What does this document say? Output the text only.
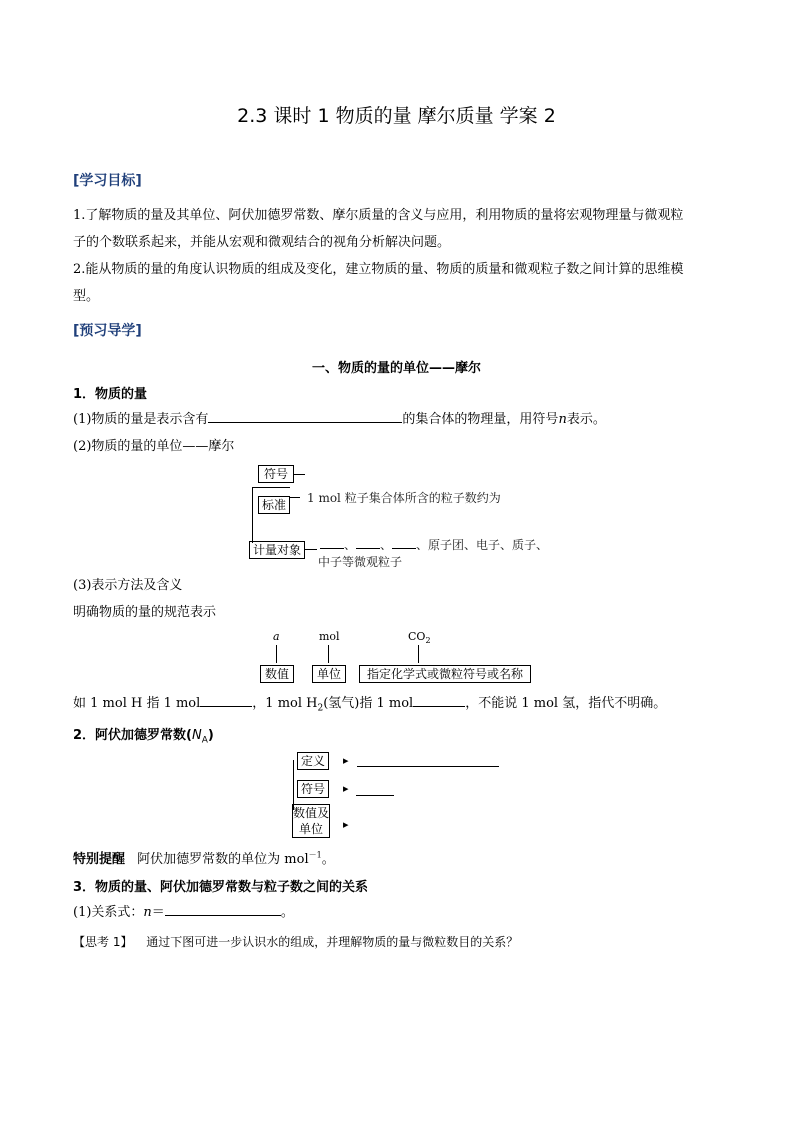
2.3 课时 1 物质的量 摩尔质量 学案 2
[学习目标]
1.了解物质的量及其单位、阿伏加德罗常数、摩尔质量的含义与应用，利用物质的量将宏观物理量与微观粒
子的个数联系起来，并能从宏观和微观结合的视角分析解决问题。
2.能从物质的量的角度认识物质的组成及变化，建立物质的量、物质的质量和微观粒子数之间计算的思维模
型。
[预习导学]
一、物质的量的单位——摩尔
1．物质的量
(1)物质的量是表示含有	的集合体的物理量，用符号n表示。
(2)物质的量的单位——摩尔
符号
标准	1 mol 粒子集合体所含的粒子数约为
计量对象	、 、 、原子团、电子、质子、
中子等微观粒子
(3)表示方法及含义
明确物质的量的规范表示
a	mol	$CO_2$
数值	单位	指定化学式或微粒符号或名称
如 1 mol H 指 1 mol	，1 mol $H_2$(氢气)指 1 mol	，不能说 1 mol 氢，指代不明确。
2．阿伏加德罗常数$(N_A)$
定义	▸
符号	▸
数值及
单位	▸
特别提醒 阿伏加德罗常数的单位为 mol$^{-1}$。
3．物质的量、阿伏加德罗常数与粒子数之间的关系
(1)关系式：n＝	。
【思考 1】 通过下图可进一步认识水的组成，并理解物质的量与微粒数目的关系？
